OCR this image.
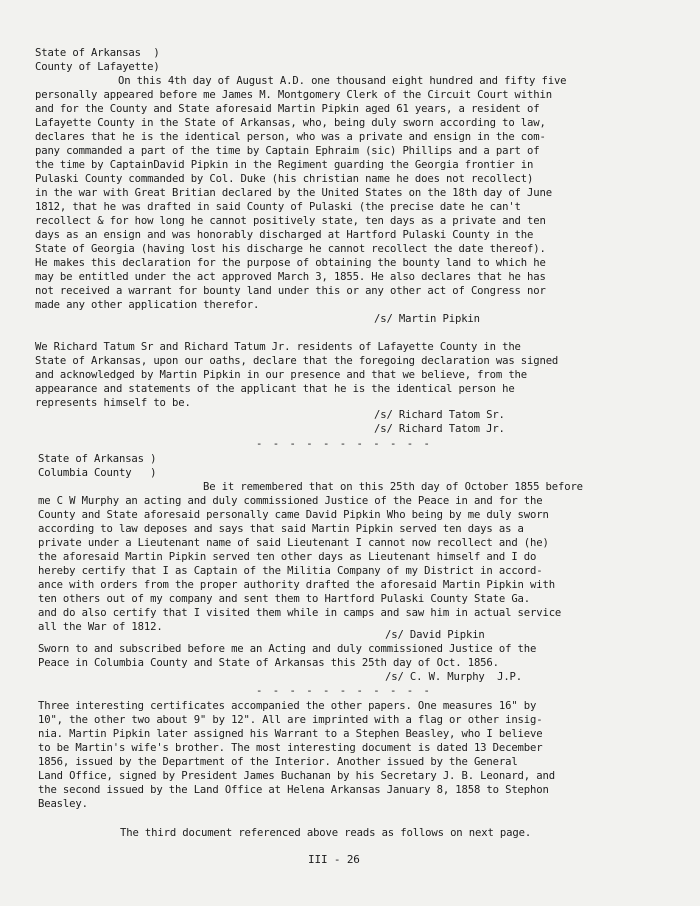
State of Arkansas  )
County of Lafayette)
On this 4th day of August A.D. one thousand eight hundred and fifty five
personally appeared before me James M. Montgomery Clerk of the Circuit Court within
and for the County and State aforesaid Martin Pipkin aged 61 years, a resident of
Lafayette County in the State of Arkansas, who, being duly sworn according to law,
declares that he is the identical person, who was a private and ensign in the com-
pany commanded a part of the time by Captain Ephraim (sic) Phillips and a part of
the time by CaptainDavid Pipkin in the Regiment guarding the Georgia frontier in
Pulaski County commanded by Col. Duke (his christian name he does not recollect)
in the war with Great Britian declared by the United States on the 18th day of June
1812, that he was drafted in said County of Pulaski (the precise date he can't
recollect & for how long he cannot positively state, ten days as a private and ten
days as an ensign and was honorably discharged at Hartford Pulaski County in the
State of Georgia (having lost his discharge he cannot recollect the date thereof).
He makes this declaration for the purpose of obtaining the bounty land to which he
may be entitled under the act approved March 3, 1855. He also declares that he has
not received a warrant for bounty land under this or any other act of Congress nor
made any other application therefor.
/s/ Martin Pipkin
We Richard Tatum Sr and Richard Tatum Jr. residents of Lafayette County in the
State of Arkansas, upon our oaths, declare that the foregoing declaration was signed
and acknowledged by Martin Pipkin in our presence and that we believe, from the
appearance and statements of the applicant that he is the identical person he
represents himself to be.
/s/ Richard Tatom Sr.
/s/ Richard Tatom Jr.
- - - - - - - - - - -
State of Arkansas )
Columbia County   )
Be it remembered that on this 25th day of October 1855 before
me C W Murphy an acting and duly commissioned Justice of the Peace in and for the
County and State aforesaid personally came David Pipkin Who being by me duly sworn
according to law deposes and says that said Martin Pipkin served ten days as a
private under a Lieutenant name of said Lieutenant I cannot now recollect and (he)
the aforesaid Martin Pipkin served ten other days as Lieutenant himself and I do
hereby certify that I as Captain of the Militia Company of my District in accord-
ance with orders from the proper authority drafted the aforesaid Martin Pipkin with
ten others out of my company and sent them to Hartford Pulaski County State Ga.
and do also certify that I visited them while in camps and saw him in actual service
all the War of 1812.
/s/ David Pipkin
Sworn to and subscribed before me an Acting and duly commissioned Justice of the
Peace in Columbia County and State of Arkansas this 25th day of Oct. 1856.
/s/ C. W. Murphy  J.P.
- - - - - - - - - - -
Three interesting certificates accompanied the other papers. One measures 16" by
10", the other two about 9" by 12". All are imprinted with a flag or other insig-
nia. Martin Pipkin later assigned his Warrant to a Stephen Beasley, who I believe
to be Martin's wife's brother. The most interesting document is dated 13 December
1856, issued by the Department of the Interior. Another issued by the General
Land Office, signed by President James Buchanan by his Secretary J. B. Leonard, and
the second issued by the Land Office at Helena Arkansas January 8, 1858 to Stephon
Beasley.
The third document referenced above reads as follows on next page.
III - 26
